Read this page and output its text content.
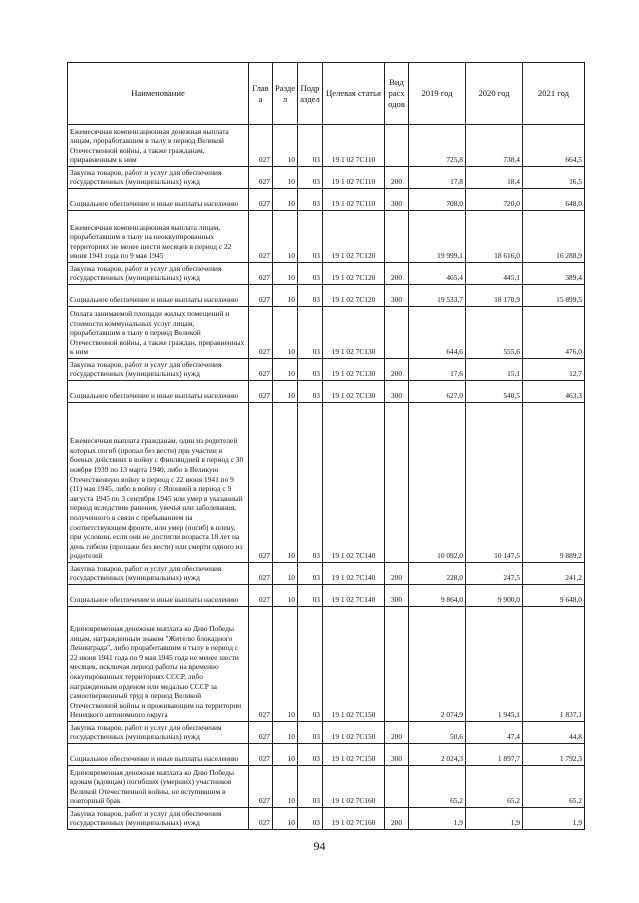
Наименование	Глав а	Разде л	Подр аздел	Целевая статья	Вид расх одов	2019 год	2020 год	2021 год
Ежемесячная компенсационная денежная выплата лицам, проработавшим в тылу в период Великой Отечественной войны, а также гражданам, приравненным к ним	027	10	03	19 1 02 7С110		725,8	738,4	664,5
Закупка товаров, работ и услуг для обеспечения государственных (муниципальных) нужд	027	10	03	19 1 02 7С110	200	17,8	18,4	16,5
Социальное обеспечение и иные выплаты населению	027	10	03	19 1 02 7С110	300	708,0	720,0	648,0
Ежемесячная компенсационная выплата лицам, проработавшим в тылу на неоккупированных территориях не менее шести месяцев в период с 22 июня 1941 года по 9 мая 1945	027	10	03	19 1 02 7С120		19 999,1	18 616,0	16 288,9
Закупка товаров, работ и услуг для обеспечения государственных (муниципальных) нужд	027	10	03	19 1 02 7С120	200	465,4	445,1	389,4
Социальное обеспечение и иные выплаты населению	027	10	03	19 1 02 7С120	300	19 533,7	18 170,9	15 899,5
Оплата занимаемой площади жилых помещений и стоимости коммунальных услуг лицам, проработавшим в тылу в период Великой Отечественной войны, а также граждан, приравненных к ним	027	10	03	19 1 02 7С130		644,6	555,6	476,0
Закупка товаров, работ и услуг для обеспечения государственных (муниципальных) нужд	027	10	03	19 1 02 7С130	200	17,6	15,1	12,7
Социальное обеспечение и иные выплаты населению	027	10	03	19 1 02 7С130	300	627,0	540,5	463,3
Ежемесячная выплата гражданам, один из родителей которых погиб (пропал без вести) при участии в боевых действиях в войну с Финляндией в период с 30 ноября 1939 по 13 марта 1940, либо в Великую Отечественную войну в период с 22 июня 1941 по 9 (11) мая 1945, либо в войну с Японией в период с 9 августа 1945 по 3 сентября 1945 или умер в указанный период вследствие ранения, увечья или заболевания, полученного в связи с пребыванием на соответствующем фронте, или умер (погиб) в плену, при условии, если они не достигли возраста 18 лет на день гибели (пропажи без вести) или смерти одного из родителей	027	10	03	19 1 02 7С140		10 092,0	10 147,5	9 889,2
Закупка товаров, работ и услуг для обеспечения государственных (муниципальных) нужд	027	10	03	19 1 02 7С140	200	228,0	247,5	241,2
Социальное обеспечение и иные выплаты населению	027	10	03	19 1 02 7С140	300	9 864,0	9 900,0	9 648,0
Единовременная денежная выплата ко Дню Победы лицам, награжденным знаком "Жителю блокадного Ленинграда", либо проработавшим в тылу в период с 22 июня 1941 года по 9 мая 1945 года не менее шести месяцев, исключая период работы на временно оккупированных территориях СССР, либо награжденным орденом или медалью СССР за самоотверженный труд в период Великой Отечественной войны и проживающим на территории Ненецкого автономного округа	027	10	03	19 1 02 7С150		2 074,9	1 945,1	1 837,1
Закупка товаров, работ и услуг для обеспечения государственных (муниципальных) нужд	027	10	03	19 1 02 7С150	200	50,6	47,4	44,8
Социальное обеспечение и иные выплаты населению	027	10	03	19 1 02 7С150	300	2 024,3	1 897,7	1 792,3
Единовременная денежная выплата ко Дню Победы вдовам (вдовцам) погибших (умерших) участников Великой Отечественной войны, не вступившим в повторный брак	027	10	03	19 1 02 7С160		65,2	65,2	65,2
Закупка товаров, работ и услуг для обеспечения государственных (муниципальных) нужд	027	10	03	19 1 02 7С160	200	1,9	1,9	1,9
94
